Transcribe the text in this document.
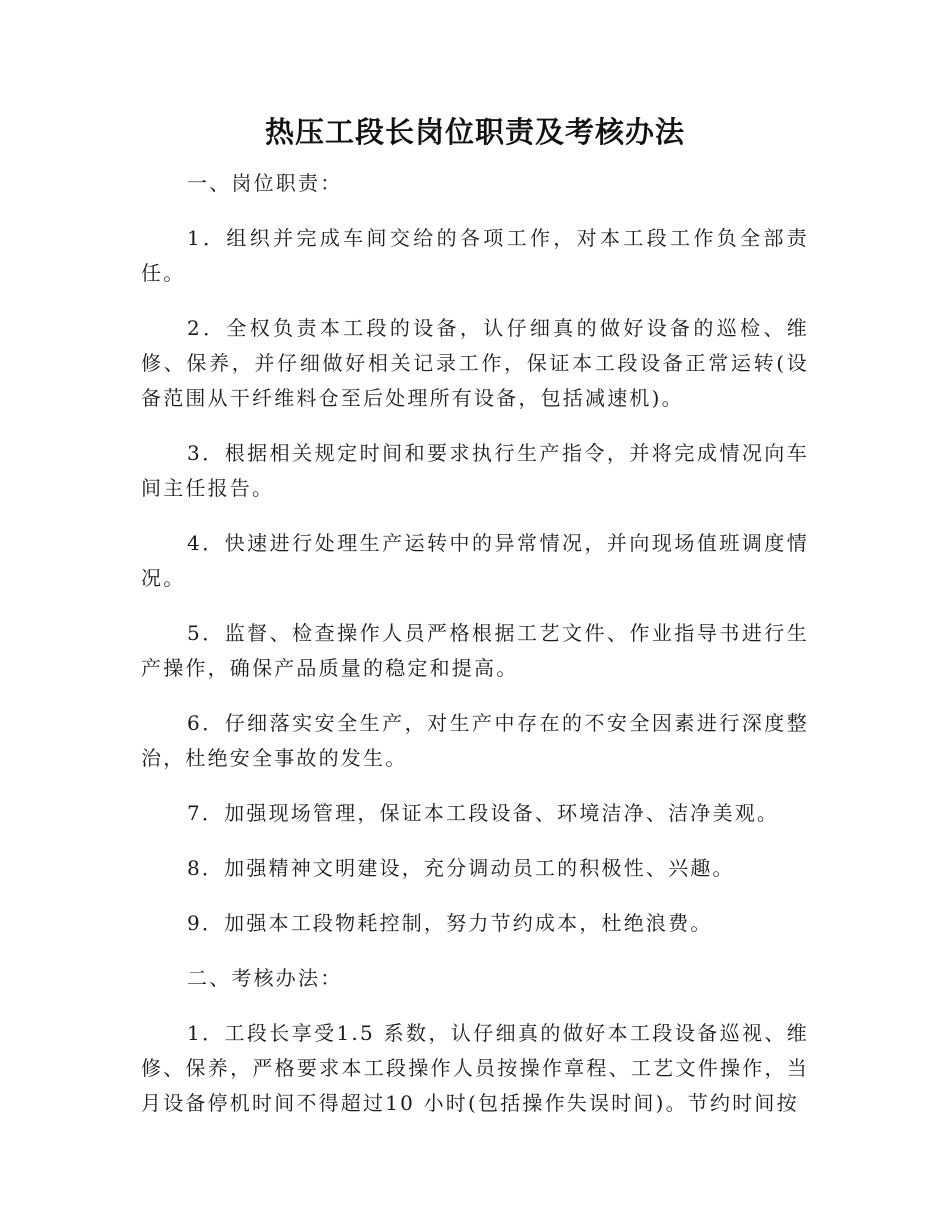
热压工段长岗位职责及考核办法

一、岗位职责：

1．组织并完成车间交给的各项工作，对本工段工作负全部责任。

2．全权负责本工段的设备，认仔细真的做好设备的巡检、维修、保养，并仔细做好相关记录工作，保证本工段设备正常运转(设备范围从干纤维料仓至后处理所有设备，包括减速机)。

3．根据相关规定时间和要求执行生产指令，并将完成情况向车间主任报告。

4．快速进行处理生产运转中的异常情况，并向现场值班调度情况。

5．监督、检查操作人员严格根据工艺文件、作业指导书进行生产操作，确保产品质量的稳定和提高。

6．仔细落实安全生产，对生产中存在的不安全因素进行深度整治，杜绝安全事故的发生。

7．加强现场管理，保证本工段设备、环境洁净、洁净美观。

8．加强精神文明建设，充分调动员工的积极性、兴趣。

9．加强本工段物耗控制，努力节约成本，杜绝浪费。

二、考核办法：

1．工段长享受1.5 系数，认仔细真的做好本工段设备巡视、维修、保养，严格要求本工段操作人员按操作章程、工艺文件操作，当月设备停机时间不得超过10 小时(包括操作失误时间)。节约时间按
